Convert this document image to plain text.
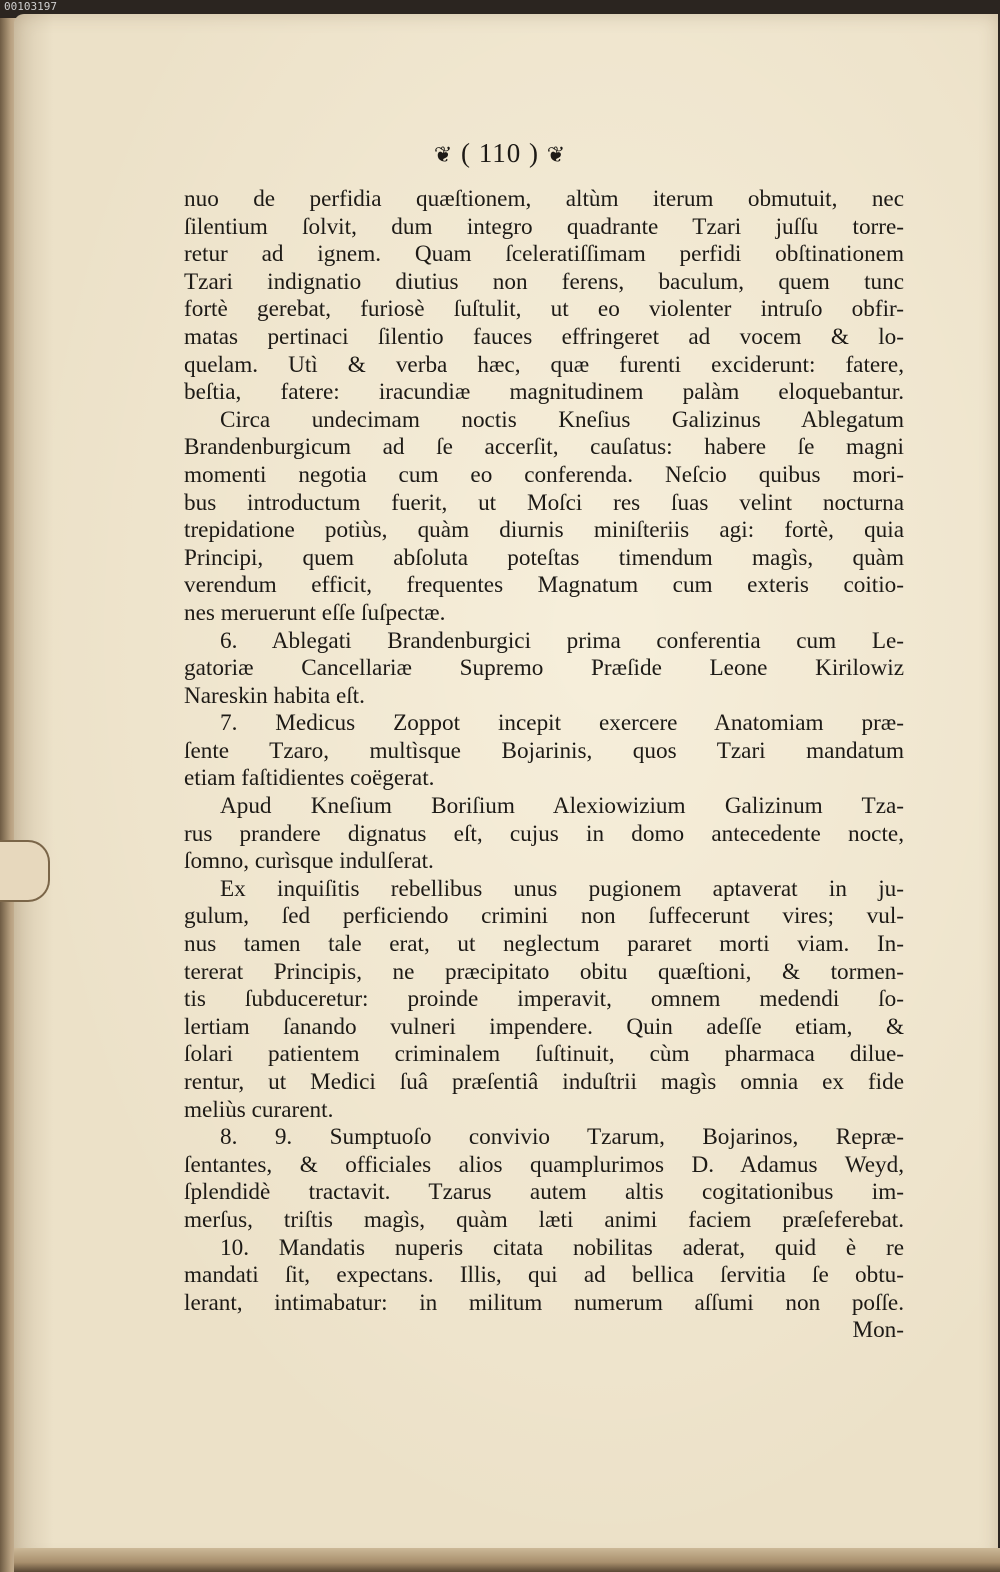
00103197
❦ ( 110 ) ❦
nuo de perfidia quæſtionem, altùm iterum obmutuit, nec
ſilentium ſolvit, dum integro quadrante Tzari juſſu torre-
retur ad ignem. Quam ſceleratiſſimam perfidi obſtinationem
Tzari indignatio diutius non ferens, baculum, quem tunc
fortè gerebat, furiosè ſuſtulit, ut eo violenter intruſo obfir-
matas pertinaci ſilentio fauces effringeret ad vocem & lo-
quelam. Utì & verba hæc, quæ furenti exciderunt: fatere,
beſtia, fatere: iracundiæ magnitudinem palàm eloquebantur.
Circa undecimam noctis Kneſius Galizinus Ablegatum
Brandenburgicum ad ſe accerſit, cauſatus: habere ſe magni
momenti negotia cum eo conferenda. Neſcio quibus mori-
bus introductum fuerit, ut Moſci res ſuas velint nocturna
trepidatione potiùs, quàm diurnis miniſteriis agi: fortè, quia
Principi, quem abſoluta poteſtas timendum magìs, quàm
verendum efficit, frequentes Magnatum cum exteris coitio-
nes meruerunt eſſe ſuſpectæ.
6. Ablegati Brandenburgici prima conferentia cum Le-
gatoriæ Cancellariæ Supremo Præſide Leone Kirilowiz
Nareskin habita eſt.
7. Medicus Zoppot incepit exercere Anatomiam præ-
ſente Tzaro, multìsque Bojarinis, quos Tzari mandatum
etiam faſtidientes coëgerat.
Apud Kneſium Boriſium Alexiowizium Galizinum Tza-
rus prandere dignatus eſt, cujus in domo antecedente nocte,
ſomno, curìsque indulſerat.
Ex inquiſitis rebellibus unus pugionem aptaverat in ju-
gulum, ſed perficiendo crimini non ſuffecerunt vires; vul-
nus tamen tale erat, ut neglectum pararet morti viam. In-
tererat Principis, ne præcipitato obitu quæſtioni, & tormen-
tis ſubduceretur: proinde imperavit, omnem medendi ſo-
lertiam ſanando vulneri impendere. Quin adeſſe etiam, &
ſolari patientem criminalem ſuſtinuit, cùm pharmaca dilue-
rentur, ut Medici ſuâ præſentiâ induſtrii magìs omnia ex fide
meliùs curarent.
8. 9. Sumptuoſo convivio Tzarum, Bojarinos, Repræ-
ſentantes, & officiales alios quamplurimos D. Adamus Weyd,
ſplendidè tractavit. Tzarus autem altis cogitationibus im-
merſus, triſtis magìs, quàm læti animi faciem præſeferebat.
10. Mandatis nuperis citata nobilitas aderat, quid è re
mandati ſit, expectans. Illis, qui ad bellica ſervitia ſe obtu-
lerant, intimabatur: in militum numerum aſſumi non poſſe.
Mon-
